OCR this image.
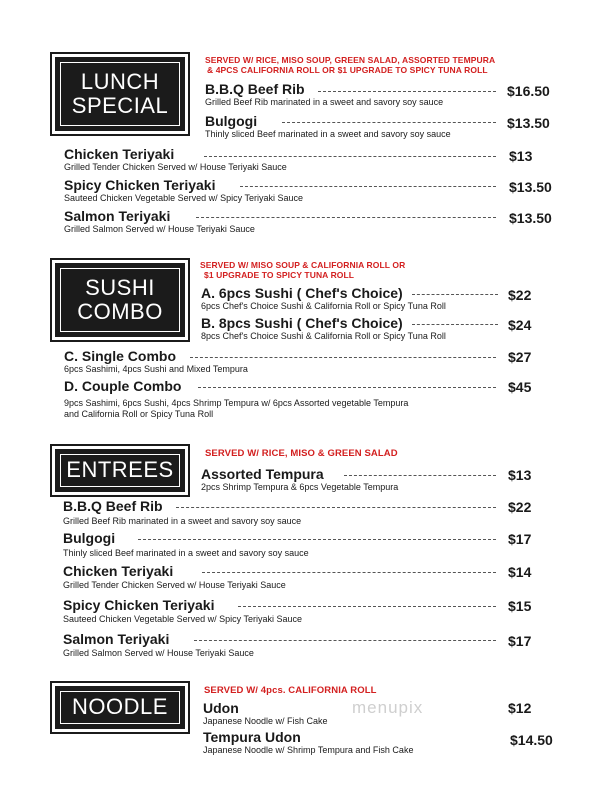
LUNCH
SPECIAL
SERVED W/ RICE, MISO SOUP, GREEN SALAD, ASSORTED TEMPURA
& 4PCS CALIFORNIA ROLL OR $1 UPGRADE TO SPICY TUNA ROLL
B.B.Q Beef Rib
Grilled Beef Rib marinated in a sweet and savory soy sauce
$16.50
Bulgogi
Thinly sliced Beef marinated in a sweet and savory soy sauce
$13.50
Chicken Teriyaki
Grilled Tender Chicken Served w/ House Teriyaki Sauce
$13
Spicy Chicken Teriyaki
Sauteed Chicken Vegetable Served w/ Spicy Teriyaki Sauce
$13.50
Salmon Teriyaki
Grilled Salmon Served w/ House Teriyaki Sauce
$13.50
SUSHI
COMBO
SERVED W/ MISO SOUP & CALIFORNIA ROLL OR
$1 UPGRADE TO SPICY TUNA ROLL
A. 6pcs Sushi ( Chef's Choice)
6pcs Chef's Choice Sushi & California Roll or Spicy Tuna Roll
$22
B. 8pcs Sushi ( Chef's Choice)
8pcs Chef's Choice Sushi & California Roll or Spicy Tuna Roll
$24
C. Single Combo
6pcs Sashimi, 4pcs Sushi and Mixed Tempura
$27
D. Couple Combo
9pcs Sashimi, 6pcs Sushi, 4pcs Shrimp Tempura w/ 6pcs Assorted vegetable Tempura
and California Roll or Spicy Tuna Roll
$45
ENTREES
SERVED W/ RICE, MISO & GREEN SALAD
Assorted Tempura
2pcs Shrimp Tempura & 6pcs Vegetable Tempura
$13
B.B.Q Beef Rib
Grilled Beef Rib marinated in a sweet and savory soy sauce
$22
Bulgogi
Thinly sliced Beef marinated in a sweet and savory soy sauce
$17
Chicken Teriyaki
Grilled Tender Chicken Served w/ House Teriyaki Sauce
$14
Spicy Chicken Teriyaki
Sauteed Chicken Vegetable Served w/ Spicy Teriyaki Sauce
$15
Salmon Teriyaki
Grilled Salmon Served w/ House Teriyaki Sauce
$17
NOODLE
SERVED W/ 4pcs. CALIFORNIA ROLL
Udon
Japanese Noodle w/ Fish Cake
$12
Tempura Udon
Japanese Noodle w/ Shrimp Tempura and Fish Cake
$14.50
menupix
